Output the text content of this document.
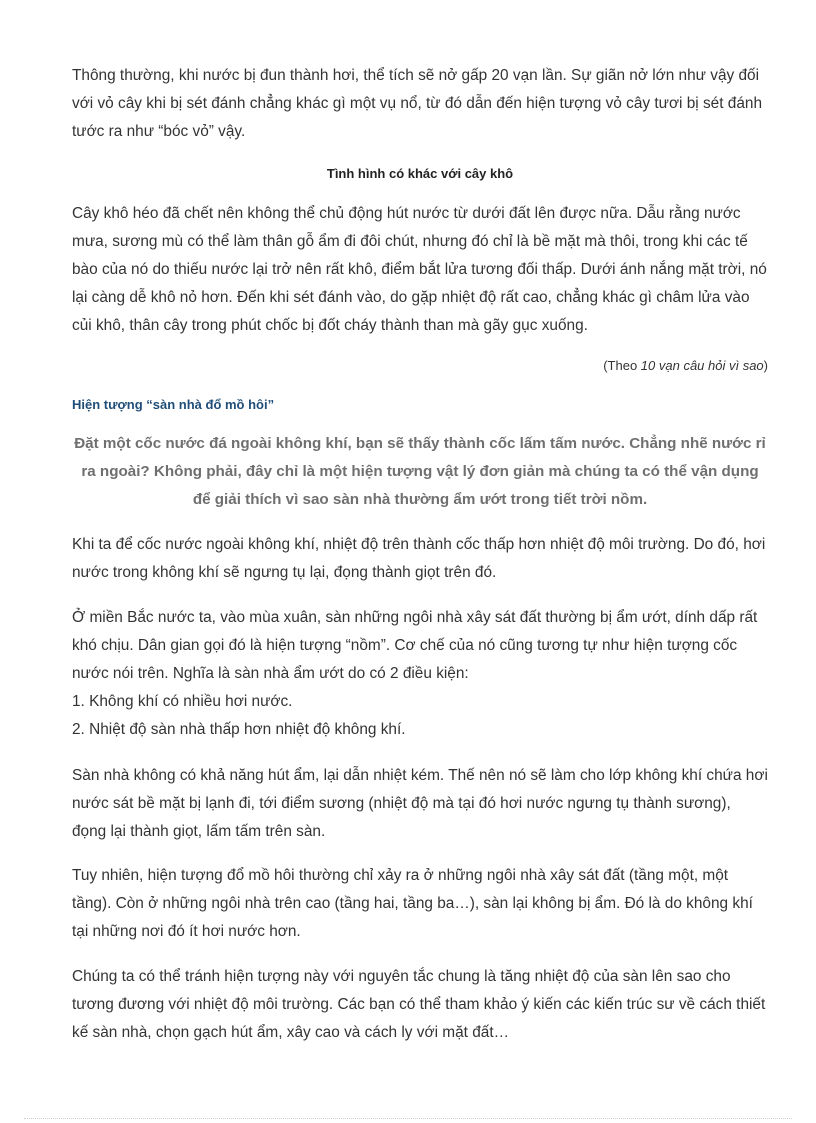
Thông thường, khi nước bị đun thành hơi, thể tích sẽ nở gấp 20 vạn lần. Sự giãn nở lớn như vậy đối với vỏ cây khi bị sét đánh chẳng khác gì một vụ nổ, từ đó dẫn đến hiện tượng vỏ cây tươi bị sét đánh tước ra như “bóc vỏ” vậy.

Tình hình có khác với cây khô

Cây khô héo đã chết nên không thể chủ động hút nước từ dưới đất lên được nữa. Dẫu rằng nước mưa, sương mù có thể làm thân gỗ ẩm đi đôi chút, nhưng đó chỉ là bề mặt mà thôi, trong khi các tế bào của nó do thiếu nước lại trở nên rất khô, điểm bắt lửa tương đối thấp. Dưới ánh nắng mặt trời, nó lại càng dễ khô nỏ hơn. Đến khi sét đánh vào, do gặp nhiệt độ rất cao, chẳng khác gì châm lửa vào củi khô, thân cây trong phút chốc bị đốt cháy thành than mà gãy gục xuống.

(Theo 10 vạn câu hỏi vì sao)
Hiện tượng “sàn nhà đổ mồ hôi”
Đặt một cốc nước đá ngoài không khí, bạn sẽ thấy thành cốc lấm tấm nước. Chẳng nhẽ nước rỉ ra ngoài? Không phải, đây chỉ là một hiện tượng vật lý đơn giản mà chúng ta có thể vận dụng để giải thích vì sao sàn nhà thường ẩm ướt trong tiết trời nồm.

Khi ta để cốc nước ngoài không khí, nhiệt độ trên thành cốc thấp hơn nhiệt độ môi trường. Do đó, hơi nước trong không khí sẽ ngưng tụ lại, đọng thành giọt trên đó.

Ở miền Bắc nước ta, vào mùa xuân, sàn những ngôi nhà xây sát đất thường bị ẩm ướt, dính dấp rất khó chịu. Dân gian gọi đó là hiện tượng “nồm”. Cơ chế của nó cũng tương tự như hiện tượng cốc nước nói trên. Nghĩa là sàn nhà ẩm ướt do có 2 điều kiện:

1. Không khí có nhiều hơi nước.

2. Nhiệt độ sàn nhà thấp hơn nhiệt độ không khí.

Sàn nhà không có khả năng hút ẩm, lại dẫn nhiệt kém. Thế nên nó sẽ làm cho lớp không khí chứa hơi nước sát bề mặt bị lạnh đi, tới điểm sương (nhiệt độ mà tại đó hơi nước ngưng tụ thành sương), đọng lại thành giọt, lấm tấm trên sàn.

Tuy nhiên, hiện tượng đổ mồ hôi thường chỉ xảy ra ở những ngôi nhà xây sát đất (tầng một, một tầng). Còn ở những ngôi nhà trên cao (tầng hai, tầng ba…), sàn lại không bị ẩm. Đó là do không khí tại những nơi đó ít hơi nước hơn.

Chúng ta có thể tránh hiện tượng này với nguyên tắc chung là tăng nhiệt độ của sàn lên sao cho tương đương với nhiệt độ môi trường. Các bạn có thể tham khảo ý kiến các kiến trúc sư về cách thiết kế sàn nhà, chọn gạch hút ẩm, xây cao và cách ly với mặt đất…
